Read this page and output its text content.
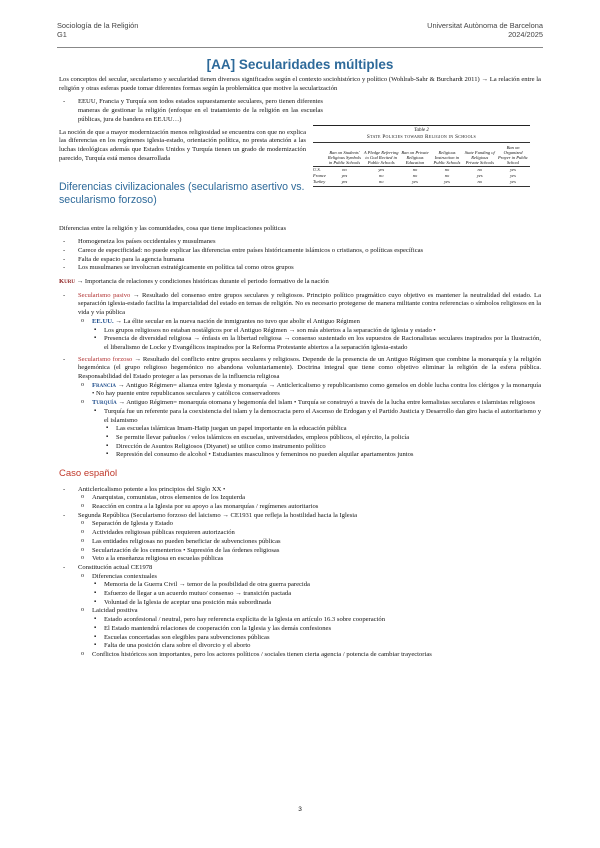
Sociología de la Religión
G1
Universitat Autònoma de Barcelona
2024/2025
[AA] Secularidades múltiples

Los conceptos del secular, secularismo y secularidad tienen diversos significados según el contexto sociohistórico y político (Wohlrab-Sahr & Burchardt 2011) → La relación entre la religión y otras esferas puede tomar diferentes formas según la problemática que motive la secularización

- EEUU, Francia y Turquía son todos estados supuestamente seculares, pero tienen diferentes maneras de gestionar la religión (enfoque en el tratamiento de la religión en las escuelas públicas, jura de bandera en EE.UU…)
La noción de que a mayor modernización menos religiosidad se encuentra con que no explica las diferencias en los regímenes iglesia-estado, orientación política, no presta atención a las luchas ideológicas además que Estados Unidos y Turquía tienen un grado de modernización parecido, Turquía está menos desarrollada
Table 2
State Policies toward Religion in Schools
	Ban on Students' Religious Symbols in Public Schools	A Pledge Referring to God Recited in Public Schools	Ban on Private Religious Education	Religious Instruction in Public Schools	State Funding of Religious Private Schools	Ban on Organized Prayer in Public School
U.S.	no	yes	no	no	no	yes
France	yes	no	no	no	yes	yes
Turkey	yes	no	yes	yes	no	yes
Diferencias civilizacionales (secularismo asertivo vs. secularismo forzoso)

Diferencias entre la religión y las comunidades, cosa que tiene implicaciones políticas

- Homogeneiza los países occidentales y musulmanes
- Carece de especificidad: no puede explicar las diferencias entre países históricamente islámicos o cristianos, o políticas específicas
- Falta de espacio para la agencia humana
- Los musulmanes se involucran estratégicamente en política tal como otros grupos

Kuru → Importancia de relaciones y condiciones históricas durante el periodo formativo de la nación

- Secularismo pasivo → Resultado del consenso entre grupos seculares y religiosos. Principio político pragmático cuyo objetivo es mantener la neutralidad del estado. La separación iglesia-estado facilita la imparcialidad del estado en temas de religión. No es necesario protegerse de manera militante contra referencias o símbolos religiosos en la vida y vía pública
o EE.UU. → La élite secular en la nueva nación de inmigrantes no tuvo que abolir el Antiguo Régimen
▪ Los grupos religiosos no estaban nostálgicos por el Antiguo Régimen → son más abiertos a la separación de iglesia y estado •
▪ Presencia de diversidad religiosa → énfasis en la libertad religiosa → consenso sustentado en los supuestos de Racionalistas seculares inspirados por la Ilustración, el liberalismo de Locke y Evangélicos inspirados por la Reforma Protestante abiertos a la separación iglesia-estado
- Secularismo forzoso → Resultado del conflicto entre grupos seculares y religiosos. Depende de la presencia de un Antiguo Régimen que combine la monarquía y la religión hegemónica (el grupo religioso hegemónico no abandona voluntariamente). Doctrina integral que tiene como objetivo eliminar la religión de la esfera pública. Responsabilidad del Estado proteger a las personas de la influencia religiosa
o Francia → Antiguo Régimen= alianza entre Iglesia y monarquía → Anticlericalismo y republicanismo como gemelos en doble lucha contra los clérigos y la monarquía • No hay puente entre republicanos seculares y católicos conservadores
o Turquía → Antiguo Régimen= monarquía otomana y hegemonía del islam • Turquía se construyó a través de la lucha entre kemalistas seculares e islamistas religiosos
▪ Turquía fue un referente para la coexistencia del islam y la democracia pero el Ascenso de Erdogan y el Partido Justicia y Desarrollo dan giro hacia el autoritarismo y el islamismo
▪ Las escuelas islámicas Imam-Hatip juegan un papel importante en la educación pública
▪ Se permite llevar pañuelos / velos islámicos en escuelas, universidades, empleos públicos, el ejército, la policía
▪ Dirección de Asuntos Religiosos (Diyanet) se utilice como instrumento político
▪ Represión del consumo de alcohol • Estudiantes masculinos y femeninos no pueden alquilar apartamentos juntos
Caso español
- Anticlericalismo potente a los principios del Siglo XX •
o Anarquistas, comunistas, otros elementos de los Izquierda
o Reacción en contra a la Iglesia por su apoyo a las monarquías / regímenes autoritarios
- Segunda República (Secularismo forzoso del laicismo → CE1931 que refleja la hostilidad hacia la Iglesia
o Separación de Iglesia y Estado
o Actividades religiosas públicas requieren autorización
o Las entidades religiosas no pueden beneficiar de subvenciones públicas
o Secularización de los cementerios • Supresión de las órdenes religiosas
o Veto a la enseñanza religiosa en escuelas públicas
- Constitución actual CE1978
o Diferencias contextuales
▪ Memoria de la Guerra Civil → temor de la posibilidad de otra guerra parecida
▪ Esfuerzo de llegar a un acuerdo mutuo/ consenso → transición pactada
▪ Voluntad de la Iglesia de aceptar una posición más subordinada
o Laicidad positiva
▪ Estado aconfesional / neutral, pero hay referencia explícita de la Iglesia en artículo 16.3 sobre cooperación
▪ El Estado mantendrá relaciones de cooperación con la Iglesia y las demás confesiones
▪ Escuelas concertadas son elegibles para subvenciones públicas
▪ Falta de una posición clara sobre el divorcio y el aborto
o Conflictos históricos son importantes, pero los actores políticos / sociales tienen cierta agencia / potencia de cambiar trayectorias
3
